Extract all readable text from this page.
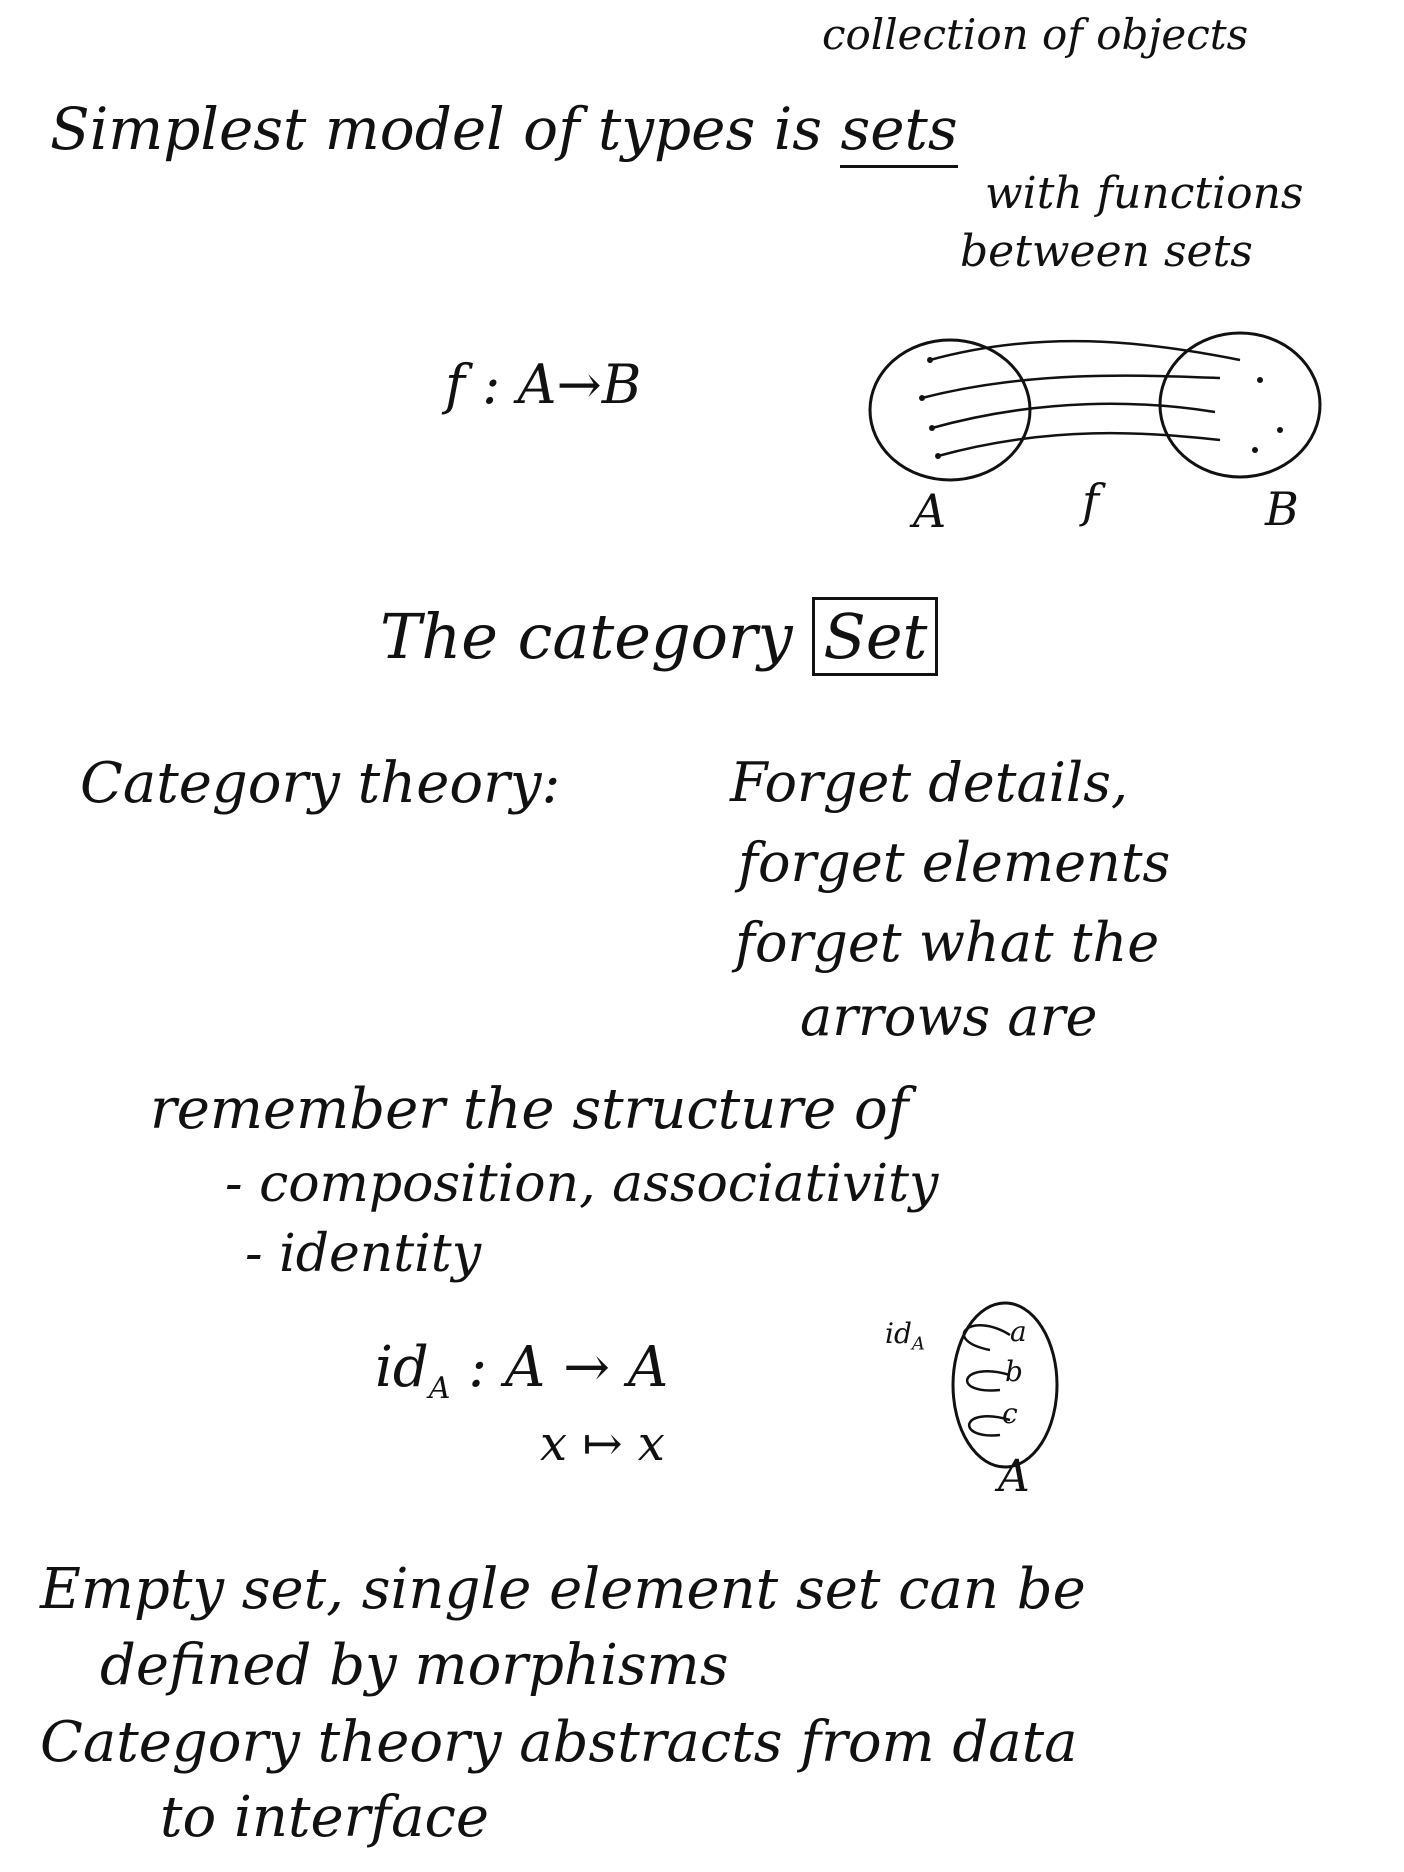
collection of objects
Simplest model of types is sets
with functions
between sets
f : A→B
A	f	B
The category Set
Category theory:	Forget details,
forget elements
forget what the
arrows are
remember the structure of
- composition, associativity
- identity
$id_A$ : A → A
x ↦ x
$id_A$	a
b
c
A
Empty set, single element set can be
defined by morphisms
Category theory abstracts from data
to interface
